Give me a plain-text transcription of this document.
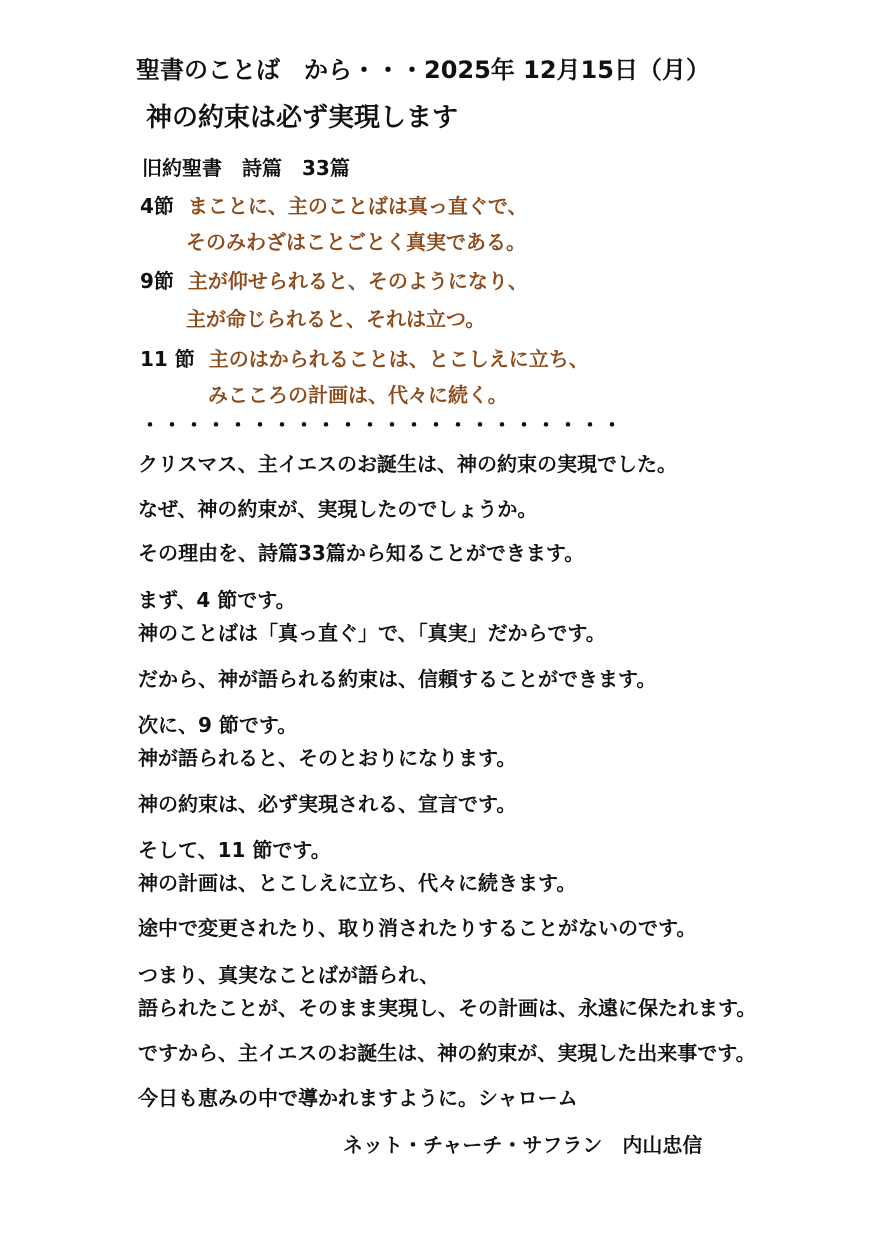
聖書のことば　から・・・2025年 12月15日（月）
神の約束は必ず実現します
旧約聖書　詩篇　33篇
4節 まことに、主のことばは真っ直ぐで、
そのみわざはことごとく真実である。
9節 主が仰せられると、そのようになり、
主が命じられると、それは立つ。
11 節 主のはかられることは、とこしえに立ち、
みこころの計画は、代々に続く。
・・・・・・・・・・・・・・・・・・・・・・
クリスマス、主イエスのお誕生は、神の約束の実現でした。
なぜ、神の約束が、実現したのでしょうか。
その理由を、詩篇33篇から知ることができます。
まず、4 節です。
神のことばは「真っ直ぐ」で、「真実」だからです。
だから、神が語られる約束は、信頼することができます。
次に、9 節です。
神が語られると、そのとおりになります。
神の約束は、必ず実現される、宣言です。
そして、11 節です。
神の計画は、とこしえに立ち、代々に続きます。
途中で変更されたり、取り消されたりすることがないのです。
つまり、真実なことばが語られ、
語られたことが、そのまま実現し、その計画は、永遠に保たれます。
ですから、主イエスのお誕生は、神の約束が、実現した出来事です。
今日も恵みの中で導かれますように。シャローム
ネット・チャーチ・サフラン　内山忠信
